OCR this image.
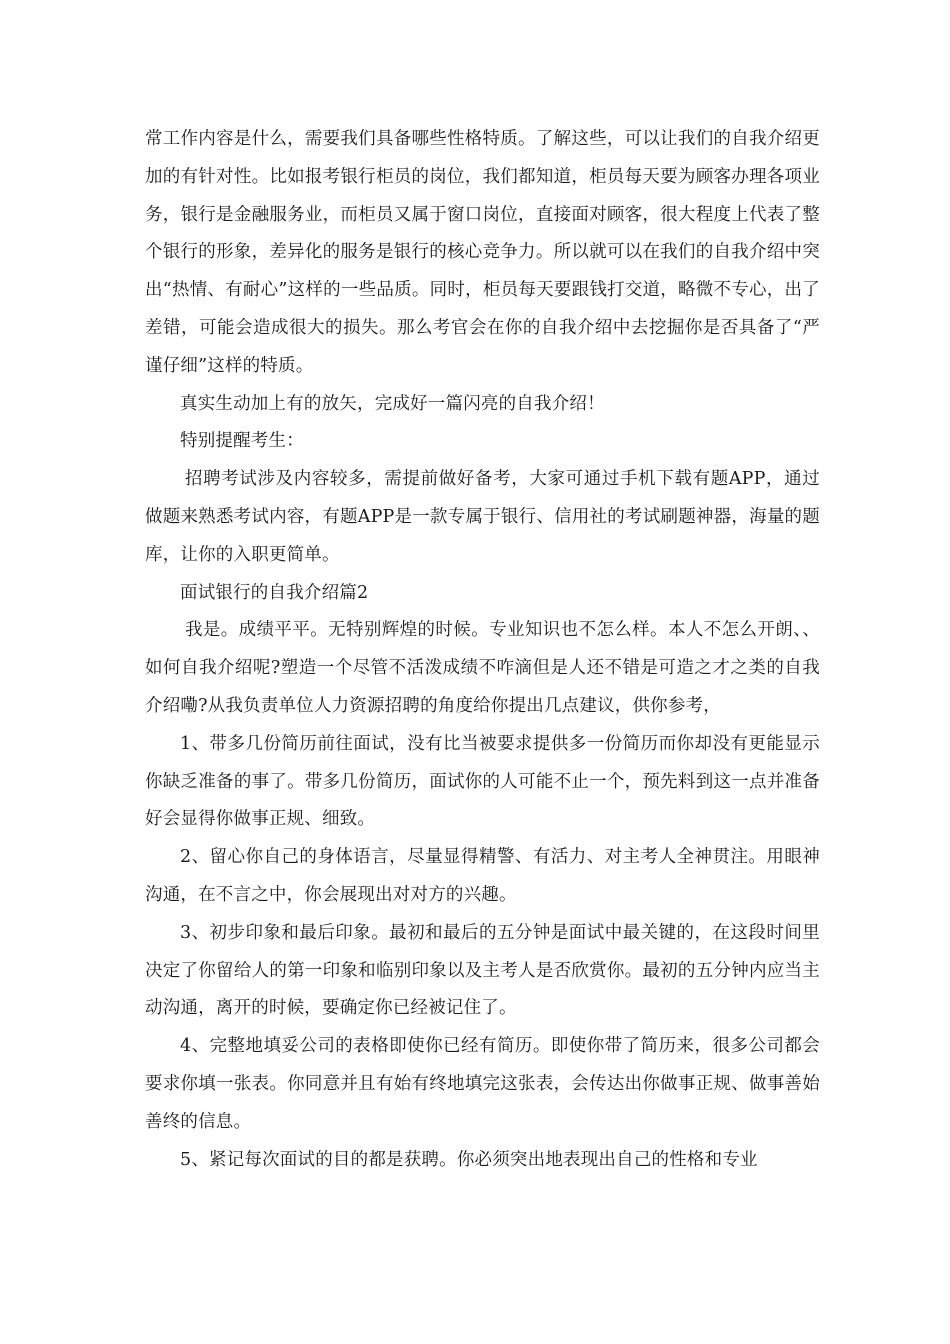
常工作内容是什么，需要我们具备哪些性格特质。了解这些，可以让我们的自我介绍更加的有针对性。比如报考银行柜员的岗位，我们都知道，柜员每天要为顾客办理各项业务，银行是金融服务业，而柜员又属于窗口岗位，直接面对顾客，很大程度上代表了整个银行的形象，差异化的服务是银行的核心竞争力。所以就可以在我们的自我介绍中突出“热情、有耐心”这样的一些品质。同时，柜员每天要跟钱打交道，略微不专心，出了差错，可能会造成很大的损失。那么考官会在你的自我介绍中去挖掘你是否具备了“严谨仔细”这样的特质。

真实生动加上有的放矢，完成好一篇闪亮的自我介绍！

特别提醒考生：

招聘考试涉及内容较多，需提前做好备考，大家可通过手机下载有题APP，通过做题来熟悉考试内容，有题APP是一款专属于银行、信用社的考试刷题神器，海量的题库，让你的入职更简单。

面试银行的自我介绍篇2

我是。成绩平平。无特别辉煌的时候。专业知识也不怎么样。本人不怎么开朗、、如何自我介绍呢?塑造一个尽管不活泼成绩不咋滴但是人还不错是可造之才之类的自我介绍嘞?从我负责单位人力资源招聘的角度给你提出几点建议，供你参考，

1、带多几份简历前往面试，没有比当被要求提供多一份简历而你却没有更能显示你缺乏准备的事了。带多几份简历，面试你的人可能不止一个，预先料到这一点并准备好会显得你做事正规、细致。

2、留心你自己的身体语言，尽量显得精警、有活力、对主考人全神贯注。用眼神沟通，在不言之中，你会展现出对对方的兴趣。

3、初步印象和最后印象。最初和最后的五分钟是面试中最关键的，在这段时间里决定了你留给人的第一印象和临别印象以及主考人是否欣赏你。最初的五分钟内应当主动沟通，离开的时候，要确定你已经被记住了。

4、完整地填妥公司的表格即使你已经有简历。即使你带了简历来，很多公司都会要求你填一张表。你同意并且有始有终地填完这张表，会传达出你做事正规、做事善始善终的信息。

5、紧记每次面试的目的都是获聘。你必须突出地表现出自己的性格和专业
